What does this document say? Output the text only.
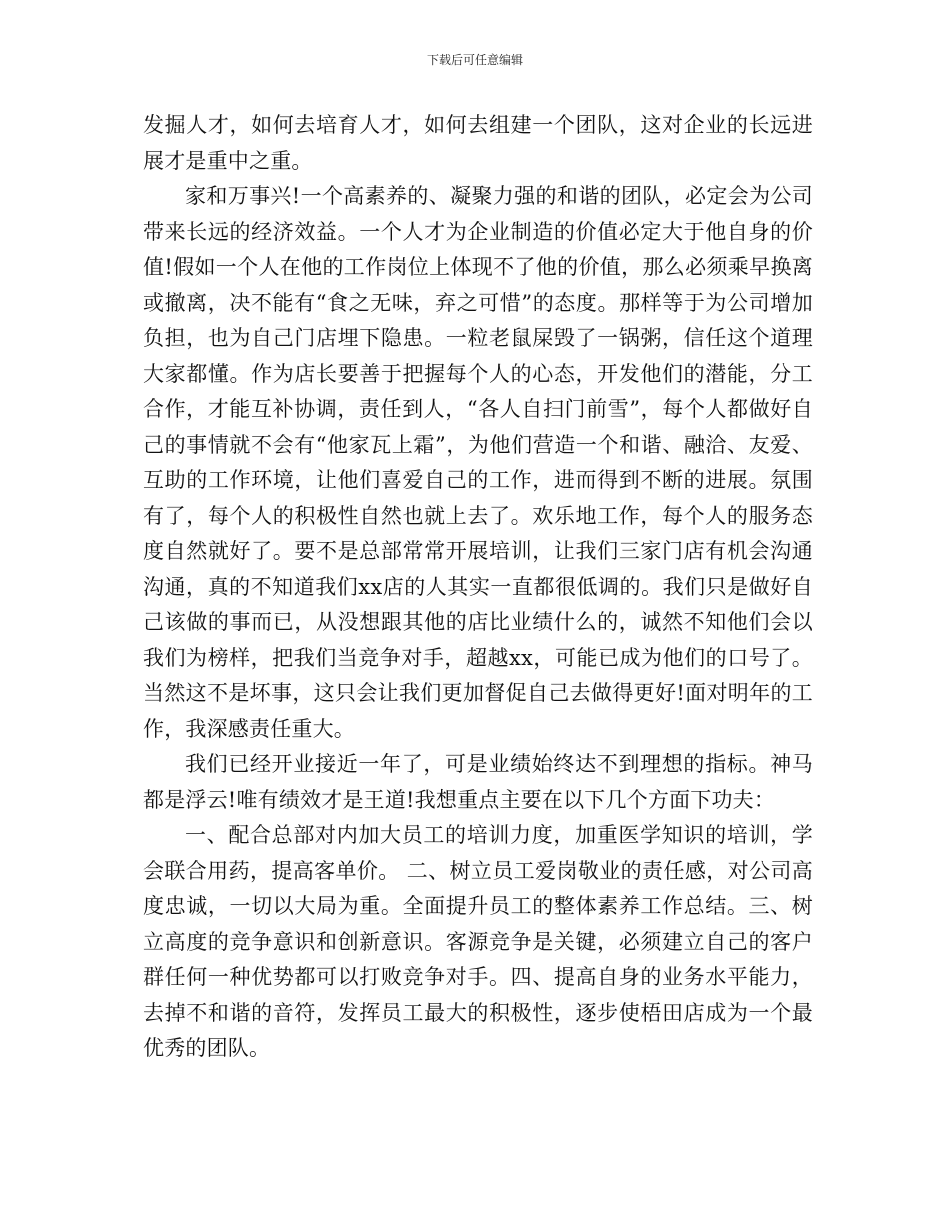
下载后可任意编辑

发掘人才，如何去培育人才，如何去组建一个团队，这对企业的长远进展才是重中之重。

家和万事兴!一个高素养的、凝聚力强的和谐的团队，必定会为公司带来长远的经济效益。一个人才为企业制造的价值必定大于他自身的价值!假如一个人在他的工作岗位上体现不了他的价值，那么必须乘早换离或撤离，决不能有“食之无味，弃之可惜”的态度。那样等于为公司增加负担，也为自己门店埋下隐患。一粒老鼠屎毁了一锅粥，信任这个道理大家都懂。作为店长要善于把握每个人的心态，开发他们的潜能，分工合作，才能互补协调，责任到人，“各人自扫门前雪”，每个人都做好自己的事情就不会有“他家瓦上霜”，为他们营造一个和谐、融洽、友爱、互助的工作环境，让他们喜爱自己的工作，进而得到不断的进展。氛围有了，每个人的积极性自然也就上去了。欢乐地工作，每个人的服务态度自然就好了。要不是总部常常开展培训，让我们三家门店有机会沟通沟通，真的不知道我们xx店的人其实一直都很低调的。我们只是做好自己该做的事而已，从没想跟其他的店比业绩什么的，诚然不知他们会以我们为榜样，把我们当竞争对手，超越xx，可能已成为他们的口号了。当然这不是坏事，这只会让我们更加督促自己去做得更好!面对明年的工作，我深感责任重大。

我们已经开业接近一年了，可是业绩始终达不到理想的指标。神马都是浮云!唯有绩效才是王道!我想重点主要在以下几个方面下功夫：

一、配合总部对内加大员工的培训力度，加重医学知识的培训，学会联合用药，提高客单价。 二、树立员工爱岗敬业的责任感，对公司高度忠诚，一切以大局为重。全面提升员工的整体素养工作总结。三、树立高度的竞争意识和创新意识。客源竞争是关键，必须建立自己的客户群任何一种优势都可以打败竞争对手。四、提高自身的业务水平能力，去掉不和谐的音符，发挥员工最大的积极性，逐步使梧田店成为一个最优秀的团队。
